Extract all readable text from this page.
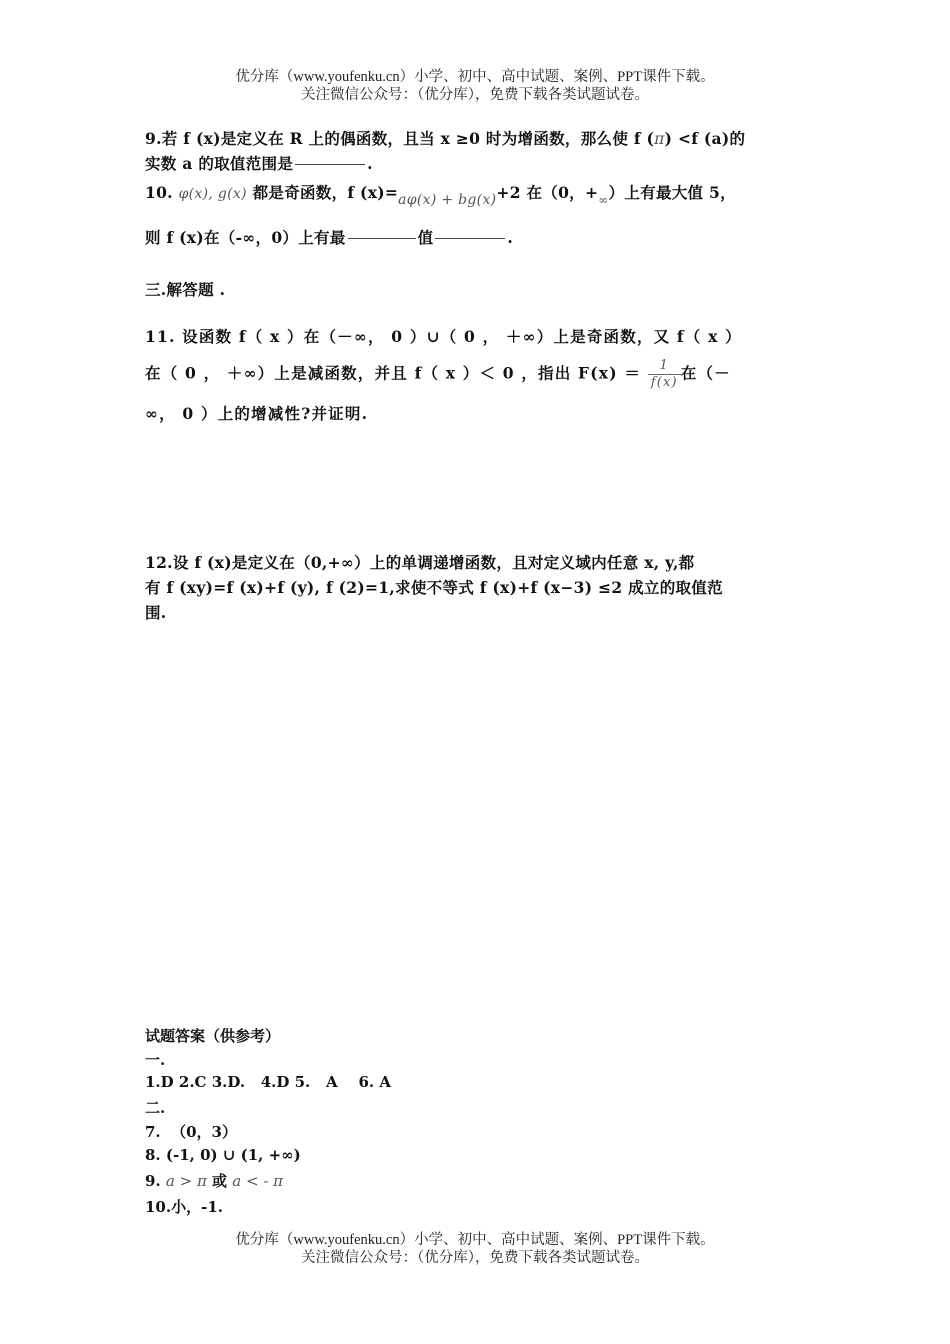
优分库（www.youfenku.cn）小学、初中、高中试题、案例、PPT课件下载。
关注微信公众号：（优分库），免费下载各类试题试卷。
9.若 f (x)是定义在 R 上的偶函数，且当 x ≥0 时为增函数，那么使 f (π) <f (a)的
实数 a 的取值范围是	.
10. φ(x), g(x) 都是奇函数，f (x)=aφ(x) + bg(x)+2 在（0，$+_\infty$）上有最大值 5，
则 f (x)在（-∞，0）上有最	值	.
三.解答题 .
11. 设函数 f（ x ）在（－∞， 0 ）∪（ 0 ， ＋∞）上是奇函数，又 f（ x ）
在（ 0 ， ＋∞）上是减函数，并且 f（ x ）＜ 0 ，指出 $F(x) = \frac{1}{f(x)}$ 在（－
∞， 0 ）上的增减性?并证明.
12.设 f (x)是定义在（0,+∞）上的单调递增函数，且对定义域内任意 x, y,都
有 f (xy)=f (x)+f (y), f (2)=1,求使不等式 f (x)+f (x−3) ≤2 成立的取值范
围.
试题答案（供参考）
一.
1.D 2.C 3.D.   4.D 5.   A    6. A
二.
7.  （0，3）
8. (-1, 0) ∪ (1, +∞)
9. a > π 或 a < - π
10.小，-1.
优分库（www.youfenku.cn）小学、初中、高中试题、案例、PPT课件下载。
关注微信公众号：（优分库），免费下载各类试题试卷。
